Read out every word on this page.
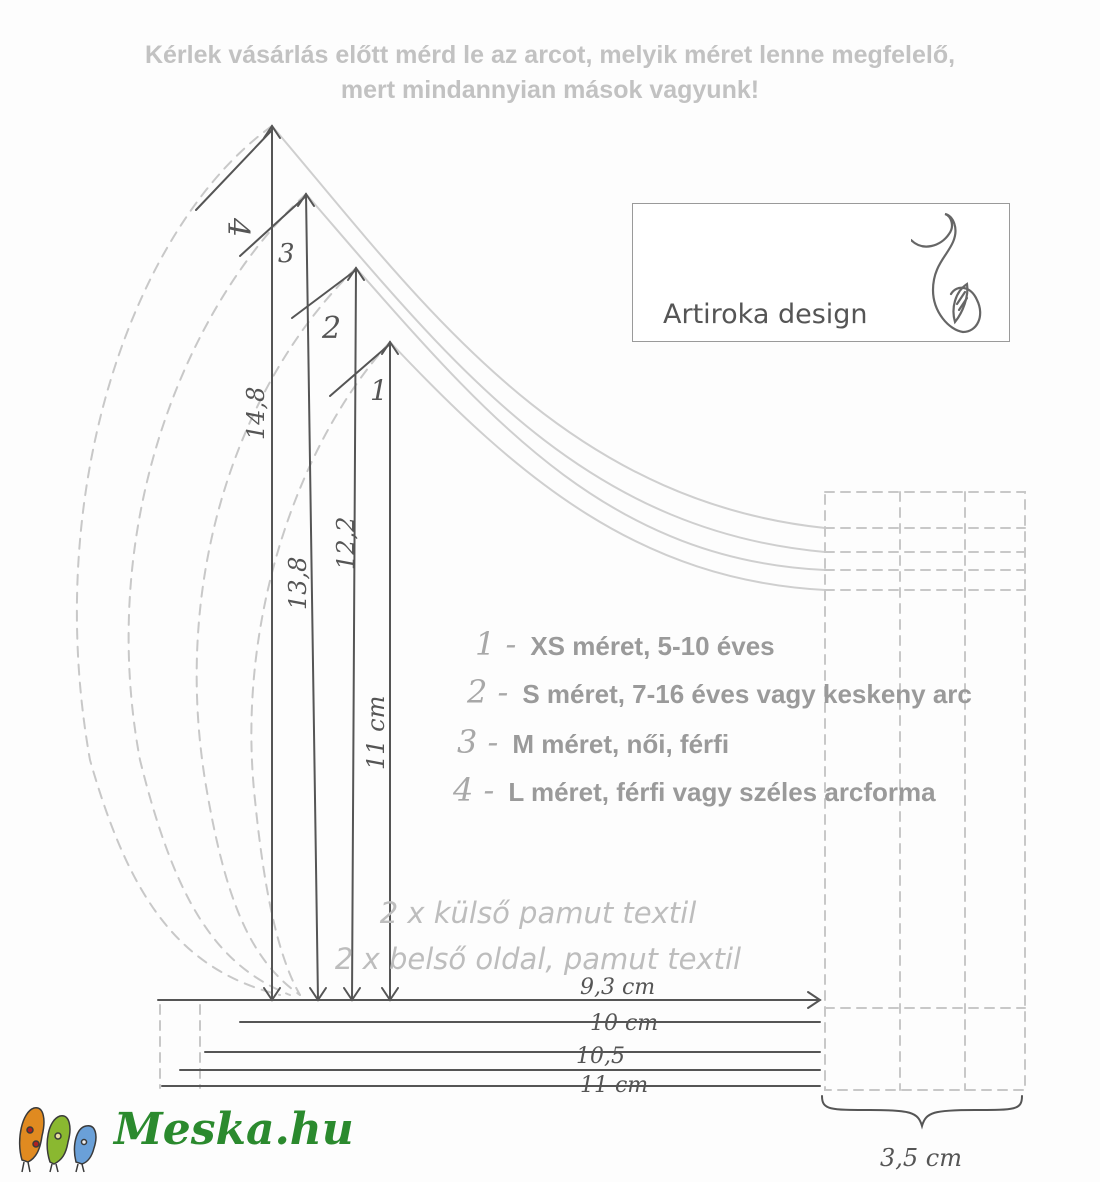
Kérlek vásárlás előtt mérd le az arcot, melyik méret lenne megfelelő,
mert mindannyian mások vagyunk!
4
3
2
1
14,8
13,8
12,2
11 cm
9,3 cm
10 cm
10,5
11 cm
3,5 cm
1 - XS méret, 5-10 éves
2 - S méret, 7-16 éves vagy keskeny arc
3 - M méret, női, férfi
4 - L méret, férfi vagy széles arcforma
2 x külső pamut textil
2 x belső oldal, pamut textil
Artiroka design
Meska.hu
